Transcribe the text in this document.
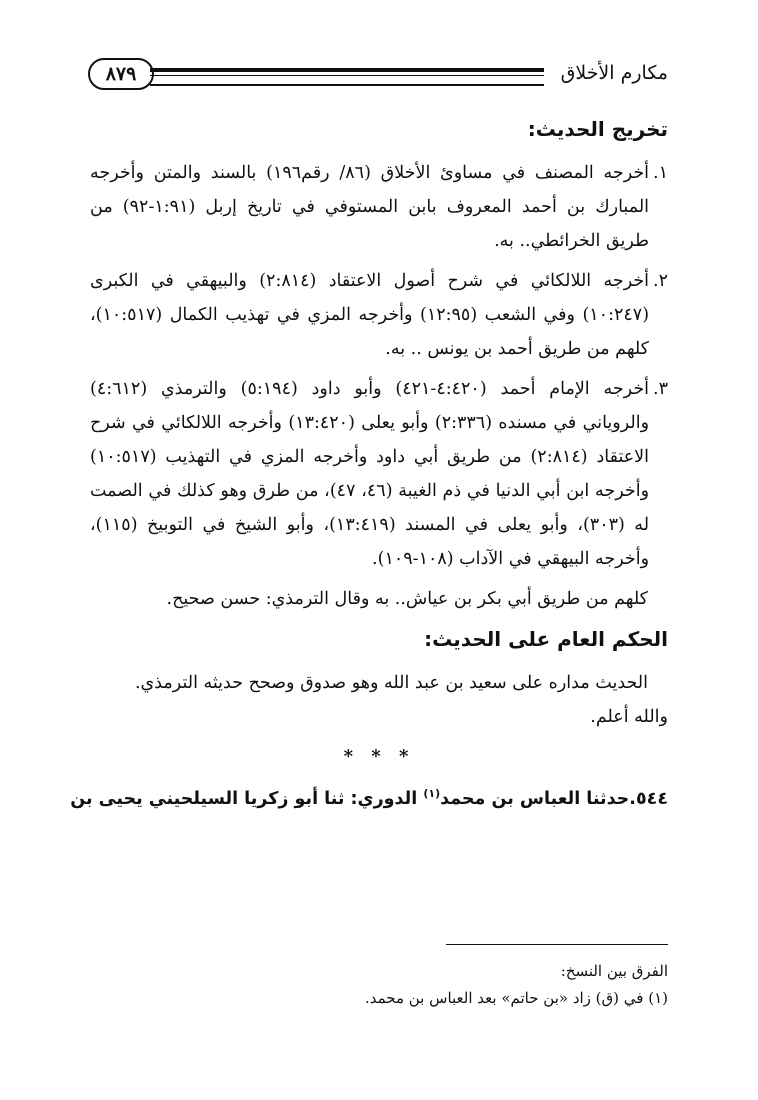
مكارم الأخلاق
٨٧٩
تخريج الحديث:
١.
أخرجه المصنف في مساوئ الأخلاق (٨٦/ رقم١٩٦) بالسند والمتن وأخرجه المبارك بن أحمد المعروف بابن المستوفي في تاريخ إربل (١:٩١-٩٢) من طريق الخرائطي.. به.
٢.
أخرجه اللالكائي في شرح أصول الاعتقاد (٢:٨١٤) والبيهقي في الكبرى (١٠:٢٤٧) وفي الشعب (١٢:٩٥) وأخرجه المزي في تهذيب الكمال (١٠:٥١٧)، كلهم من طريق أحمد بن يونس .. به.
٣.
أخرجه الإمام أحمد (٤:٤٢٠-٤٢١) وأبو داود (٥:١٩٤) والترمذي (٤:٦١٢) والروياني في مسنده (٢:٣٣٦) وأبو يعلى (١٣:٤٢٠) وأخرجه اللالكائي في شرح الاعتقاد (٢:٨١٤) من طريق أبي داود وأخرجه المزي في التهذيب (١٠:٥١٧) وأخرجه ابن أبي الدنيا في ذم الغيبة (٤٦، ٤٧)، من طرق وهو كذلك في الصمت له (٣٠٣)، وأبو يعلى في المسند (١٣:٤١٩)، وأبو الشيخ في التوبيخ (١١٥)، وأخرجه البيهقي في الآداب (١٠٨-١٠٩).
كلهم من طريق أبي بكر بن عياش.. به وقال الترمذي: حسن صحيح.
الحكم العام على الحديث:
الحديث مداره على سعيد بن عبد الله وهو صدوق وصحح حديثه الترمذي.
والله أعلم.
* * *
٥٤٤.حدثنا العباس بن محمد$^{(١)}$ الدوري: ثنا أبو زكريا السيلحيني يحيى بن
الفرق بين النسخ:
(١) في (ق) زاد «بن حاتم» بعد العباس بن محمد.
